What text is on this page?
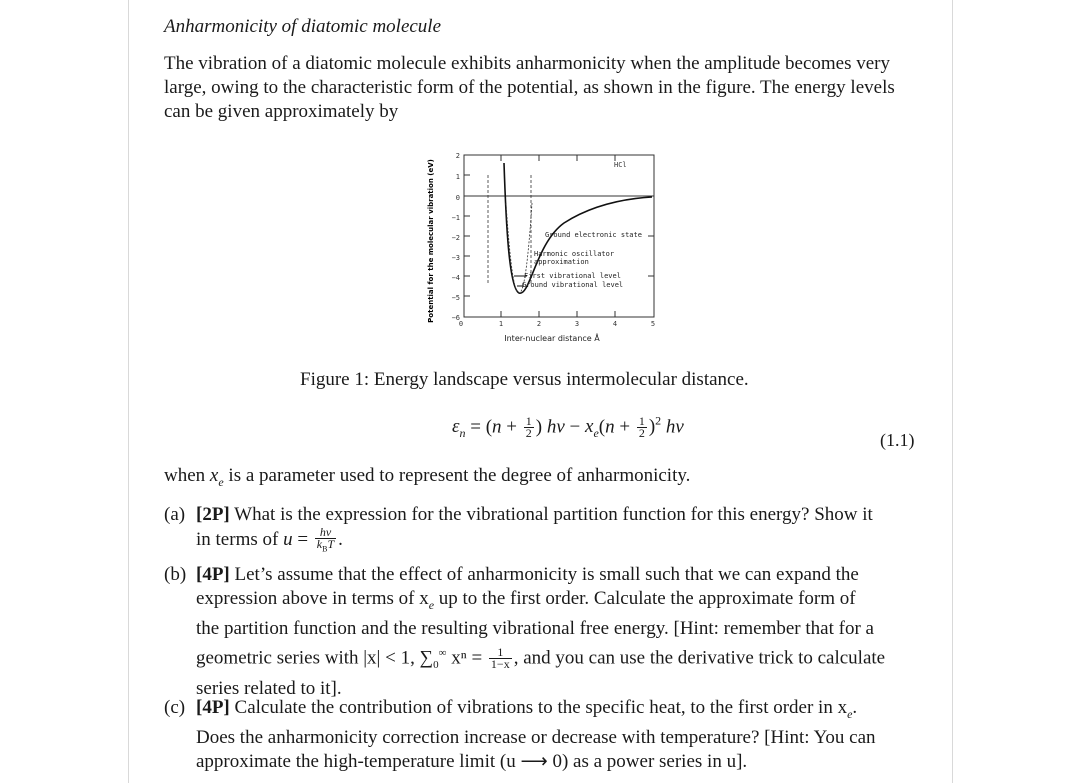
Anharmonicity of diatomic molecule
The vibration of a diatomic molecule exhibits anharmonicity when the amplitude becomes very large, owing to the characteristic form of the potential, as shown in the figure. The energy levels can be given approximately by
Potential for the molecular vibration (eV)
2
1
0
−1
−2
−3
−4
−5
−6
0	1	2	3	4	5
HCl
Ground electronic state
Harmonic oscillator
approximation
First vibrational level
Ground vibrational level
Inter-nuclear distance Å
Figure 1: Energy landscape versus intermolecular distance.
$\varepsilon_n = (n + \frac{1}{2}$ ) $h\nu - x_e(n + \frac{1}{2} )^2$ hν
(1.1)
when $x_e$ is a parameter used to represent the degree of anharmonicity.
(a) [2P] What is the expression for the vibrational partition function for this energy? Show it
in terms of $u = \frac{h\nu}{k_BT}$ .
(b) [4P] Let’s assume that the effect of anharmonicity is small such that we can expand the
expression above in terms of $x_e$ up to the first order. Calculate the approximate form of
the partition function and the resulting vibrational free energy. [Hint: remember that for a
geometric series with |x| < 1, $\sum_0^\infty$ $x^n = \frac{1}{1-x}$ , and you can use the derivative trick to calculate
series related to it].
(c) [4P] Calculate the contribution of vibrations to the specific heat, to the first order in $x_e$.
Does the anharmonicity correction increase or decrease with temperature? [Hint: You can
approximate the high-temperature limit (u ⟶ 0) as a power series in u].
